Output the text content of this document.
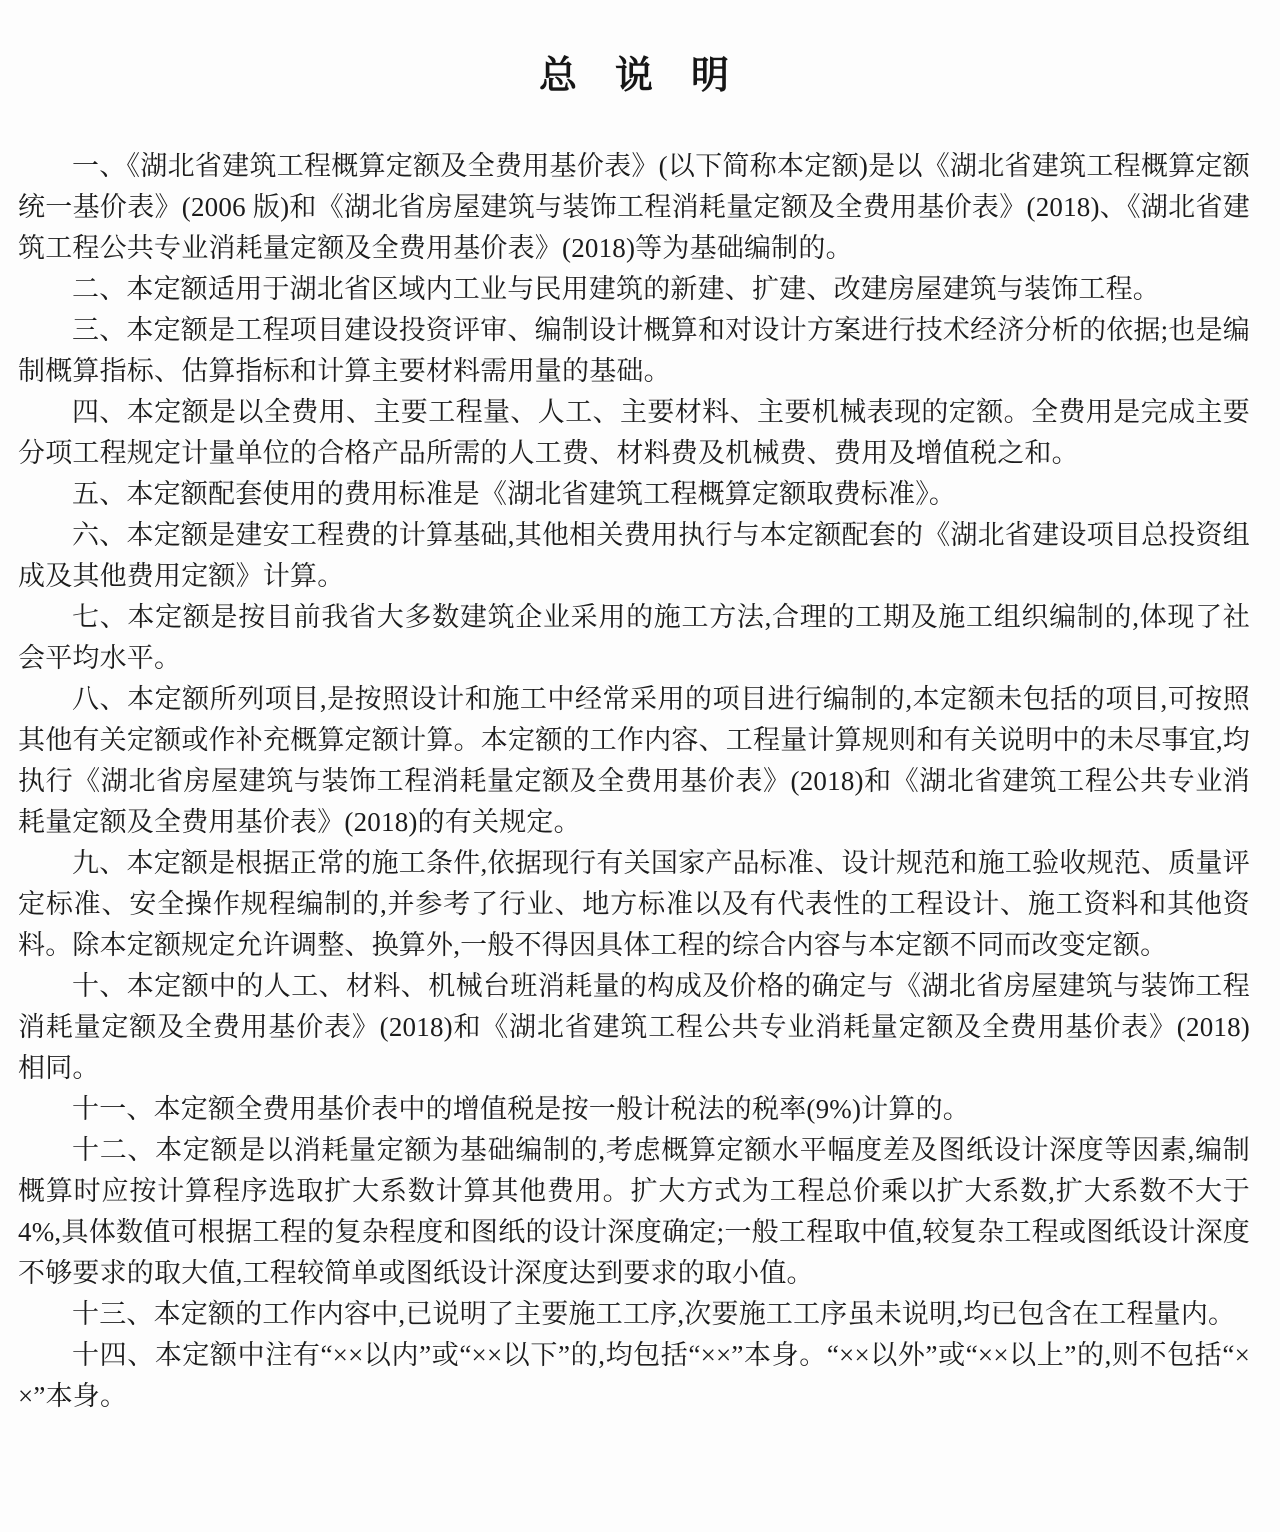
总　说　明

一、《湖北省建筑工程概算定额及全费用基价表》(以下简称本定额)是以《湖北省建筑工程概算定额统一基价表》(2006 版)和《湖北省房屋建筑与装饰工程消耗量定额及全费用基价表》(2018)、《湖北省建筑工程公共专业消耗量定额及全费用基价表》(2018)等为基础编制的。

二、本定额适用于湖北省区域内工业与民用建筑的新建、扩建、改建房屋建筑与装饰工程。

三、本定额是工程项目建设投资评审、编制设计概算和对设计方案进行技术经济分析的依据;也是编制概算指标、估算指标和计算主要材料需用量的基础。

四、本定额是以全费用、主要工程量、人工、主要材料、主要机械表现的定额。全费用是完成主要分项工程规定计量单位的合格产品所需的人工费、材料费及机械费、费用及增值税之和。

五、本定额配套使用的费用标准是《湖北省建筑工程概算定额取费标准》。

六、本定额是建安工程费的计算基础,其他相关费用执行与本定额配套的《湖北省建设项目总投资组成及其他费用定额》计算。

七、本定额是按目前我省大多数建筑企业采用的施工方法,合理的工期及施工组织编制的,体现了社会平均水平。

八、本定额所列项目,是按照设计和施工中经常采用的项目进行编制的,本定额未包括的项目,可按照其他有关定额或作补充概算定额计算。本定额的工作内容、工程量计算规则和有关说明中的未尽事宜,均执行《湖北省房屋建筑与装饰工程消耗量定额及全费用基价表》(2018)和《湖北省建筑工程公共专业消耗量定额及全费用基价表》(2018)的有关规定。

九、本定额是根据正常的施工条件,依据现行有关国家产品标准、设计规范和施工验收规范、质量评定标准、安全操作规程编制的,并参考了行业、地方标准以及有代表性的工程设计、施工资料和其他资料。除本定额规定允许调整、换算外,一般不得因具体工程的综合内容与本定额不同而改变定额。

十、本定额中的人工、材料、机械台班消耗量的构成及价格的确定与《湖北省房屋建筑与装饰工程消耗量定额及全费用基价表》(2018)和《湖北省建筑工程公共专业消耗量定额及全费用基价表》(2018)相同。

十一、本定额全费用基价表中的增值税是按一般计税法的税率(9%)计算的。

十二、本定额是以消耗量定额为基础编制的,考虑概算定额水平幅度差及图纸设计深度等因素,编制概算时应按计算程序选取扩大系数计算其他费用。扩大方式为工程总价乘以扩大系数,扩大系数不大于 4%,具体数值可根据工程的复杂程度和图纸的设计深度确定;一般工程取中值,较复杂工程或图纸设计深度不够要求的取大值,工程较简单或图纸设计深度达到要求的取小值。

十三、本定额的工作内容中,已说明了主要施工工序,次要施工工序虽未说明,均已包含在工程量内。

十四、本定额中注有“××以内”或“××以下”的,均包括“××”本身。“××以外”或“××以上”的,则不包括“××”本身。
